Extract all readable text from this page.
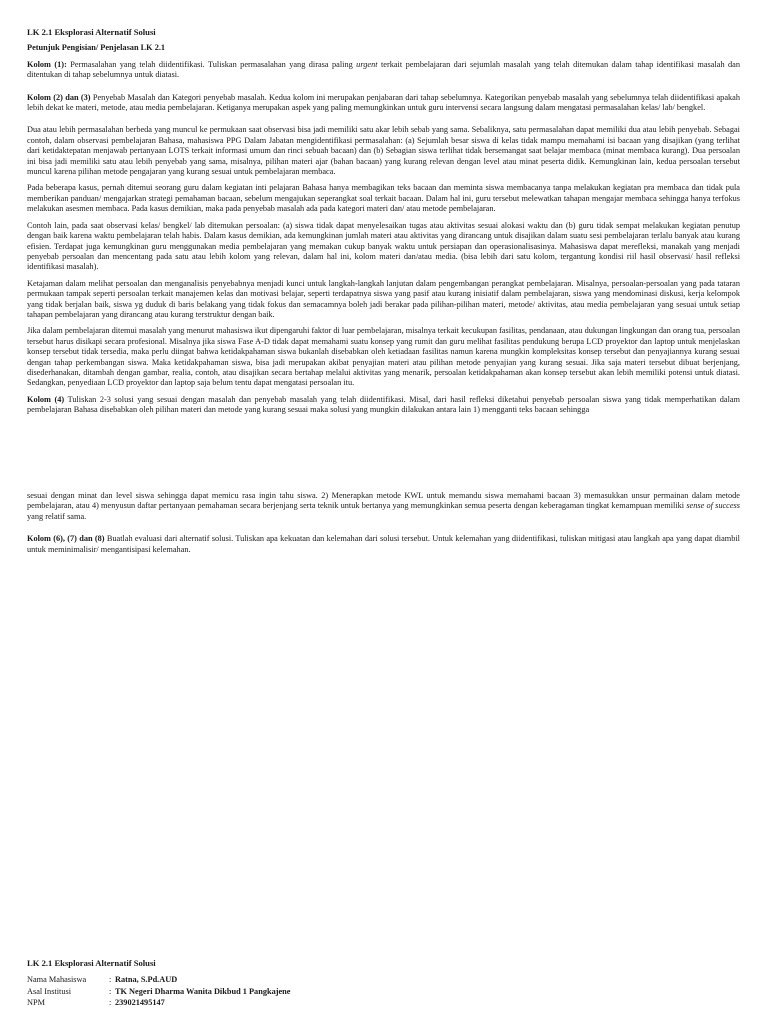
LK 2.1 Eksplorasi Alternatif Solusi
Petunjuk Pengisian/ Penjelasan LK 2.1

Kolom (1): Permasalahan yang telah diidentifikasi. Tuliskan permasalahan yang dirasa paling urgent terkait pembelajaran dari sejumlah masalah yang telah ditemukan dalam tahap identifikasi masalah dan ditentukan di tahap sebelumnya untuk diatasi.

Kolom (2) dan (3) Penyebab Masalah dan Kategori penyebab masalah. Kedua kolom ini merupakan penjabaran dari tahap sebelumnya. Kategorikan penyebab masalah yang sebelumnya telah diidentifikasi apakah lebih dekat ke materi, metode, atau media pembelajaran. Ketiganya merupakan aspek yang paling memungkinkan untuk guru intervensi secara langsung dalam mengatasi permasalahan kelas/ lab/ bengkel.

Dua atau lebih permasalahan berbeda yang muncul ke permukaan saat observasi bisa jadi memiliki satu akar lebih sebab yang sama. Sebaliknya, satu permasalahan dapat memiliki dua atau lebih penyebab. Sebagai contoh, dalam observasi pembelajaran Bahasa, mahasiswa PPG Dalam Jabatan mengidentifikasi permasalahan: (a) Sejumlah besar siswa di kelas tidak mampu memahami isi bacaan yang disajikan (yang terlihat dari ketidaktepatan menjawab pertanyaan LOTS terkait informasi umum dan rinci sebuah bacaan) dan (b) Sebagian siswa terlihat tidak bersemangat saat belajar membaca (minat membaca kurang). Dua persoalan ini bisa jadi memiliki satu atau lebih penyebab yang sama, misalnya, pilihan materi ajar (bahan bacaan) yang kurang relevan dengan level atau minat peserta didik. Kemungkinan lain, kedua persoalan tersebut muncul karena pilihan metode pengajaran yang kurang sesuai untuk pembelajaran membaca.

Pada beberapa kasus, pernah ditemui seorang guru dalam kegiatan inti pelajaran Bahasa hanya membagikan teks bacaan dan meminta siswa membacanya tanpa melakukan kegiatan pra membaca dan tidak pula memberikan panduan/ mengajarkan strategi pemahaman bacaan, sebelum mengajukan seperangkat soal terkait bacaan. Dalam hal ini, guru tersebut melewatkan tahapan mengajar membaca sehingga hanya terfokus melakukan asesmen membaca. Pada kasus demikian, maka pada penyebab masalah ada pada kategori materi dan/ atau metode pembelajaran.

Contoh lain, pada saat observasi kelas/ bengkel/ lab ditemukan persoalan: (a) siswa tidak dapat menyelesaikan tugas atau aktivitas sesuai alokasi waktu dan (b) guru tidak sempat melakukan kegiatan penutup dengan baik karena waktu pembelajaran telah habis. Dalam kasus demikian, ada kemungkinan jumlah materi atau aktivitas yang dirancang untuk disajikan dalam suatu sesi pembelajaran terlalu banyak atau kurang efisien. Terdapat juga kemungkinan guru menggunakan media pembelajaran yang memakan cukup banyak waktu untuk persiapan dan operasionalisasinya. Mahasiswa dapat merefleksi, manakah yang menjadi penyebab persoalan dan mencentang pada satu atau lebih kolom yang relevan, dalam hal ini, kolom materi dan/atau media. (bisa lebih dari satu kolom, tergantung kondisi riil hasil observasi/ hasil refleksi identifikasi masalah).

Ketajaman dalam melihat persoalan dan menganalisis penyebabnya menjadi kunci untuk langkah-langkah lanjutan dalam pengembangan perangkat pembelajaran. Misalnya, persoalan-persoalan yang pada tataran permukaan tampak seperti persoalan terkait manajemen kelas dan motivasi belajar, seperti terdapatnya siswa yang pasif atau kurang inisiatif dalam pembelajaran, siswa yang mendominasi diskusi, kerja kelompok yang tidak berjalan baik, siswa yg duduk di baris belakang yang tidak fokus dan semacamnya boleh jadi berakar pada pilihan-pilihan materi, metode/ aktivitas, atau media pembelajaran yang sesuai untuk setiap tahapan pembelajaran yang dirancang atau kurang terstruktur dengan baik.

Jika dalam pembelajaran ditemui masalah yang menurut mahasiswa ikut dipengaruhi faktor di luar pembelajaran, misalnya terkait kecukupan fasilitas, pendanaan, atau dukungan lingkungan dan orang tua, persoalan tersebut harus disikapi secara profesional. Misalnya jika siswa Fase A-D tidak dapat memahami suatu konsep yang rumit dan guru melihat fasilitas pendukung berupa LCD proyektor dan laptop untuk menjelaskan konsep tersebut tidak tersedia, maka perlu diingat bahwa ketidakpahaman siswa bukanlah disebabkan oleh ketiadaan fasilitas namun karena mungkin kompleksitas konsep tersebut dan penyajiannya kurang sesuai dengan tahap perkembangan siswa. Maka ketidakpahaman siswa, bisa jadi merupakan akibat penyajian materi atau pilihan metode penyajian yang kurang sesuai. Jika saja materi tersebut dibuat berjenjang, disederhanakan, ditambah dengan gambar, realia, contoh, atau disajikan secara bertahap melalui aktivitas yang menarik, persoalan ketidakpahaman akan konsep tersebut akan lebih memiliki potensi untuk diatasi. Sedangkan, penyediaan LCD proyektor dan laptop saja belum tentu dapat mengatasi persoalan itu.

Kolom (4) Tuliskan 2-3 solusi yang sesuai dengan masalah dan penyebab masalah yang telah diidentifikasi. Misal, dari hasil refleksi diketahui penyebab persoalan siswa yang tidak memperhatikan dalam pembelajaran Bahasa disebabkan oleh pilihan materi dan metode yang kurang sesuai maka solusi yang mungkin dilakukan antara lain 1) mengganti teks bacaan sehingga

sesuai dengan minat dan level siswa sehingga dapat memicu rasa ingin tahu siswa. 2) Menerapkan metode KWL untuk memandu siswa memahami bacaan 3) memasukkan unsur permainan dalam metode pembelajaran, atau 4) menyusun daftar pertanyaan pemahaman secara berjenjang serta teknik untuk bertanya yang memungkinkan semua peserta dengan keberagaman tingkat kemampuan memiliki sense of success yang relatif sama.

Kolom (6), (7) dan (8) Buatlah evaluasi dari alternatif solusi. Tuliskan apa kekuatan dan kelemahan dari solusi tersebut. Untuk kelemahan yang diidentifikasi, tuliskan mitigasi atau langkah apa yang dapat diambil untuk meminimalisir/ mengantisipasi kelemahan.

LK 2.1 Eksplorasi Alternatif Solusi
Nama Mahasiswa	: Ratna, S.Pd.AUD
Asal Institusi	: TK Negeri Dharma Wanita Dikbud 1 Pangkajene
NPM	: 239021495147
